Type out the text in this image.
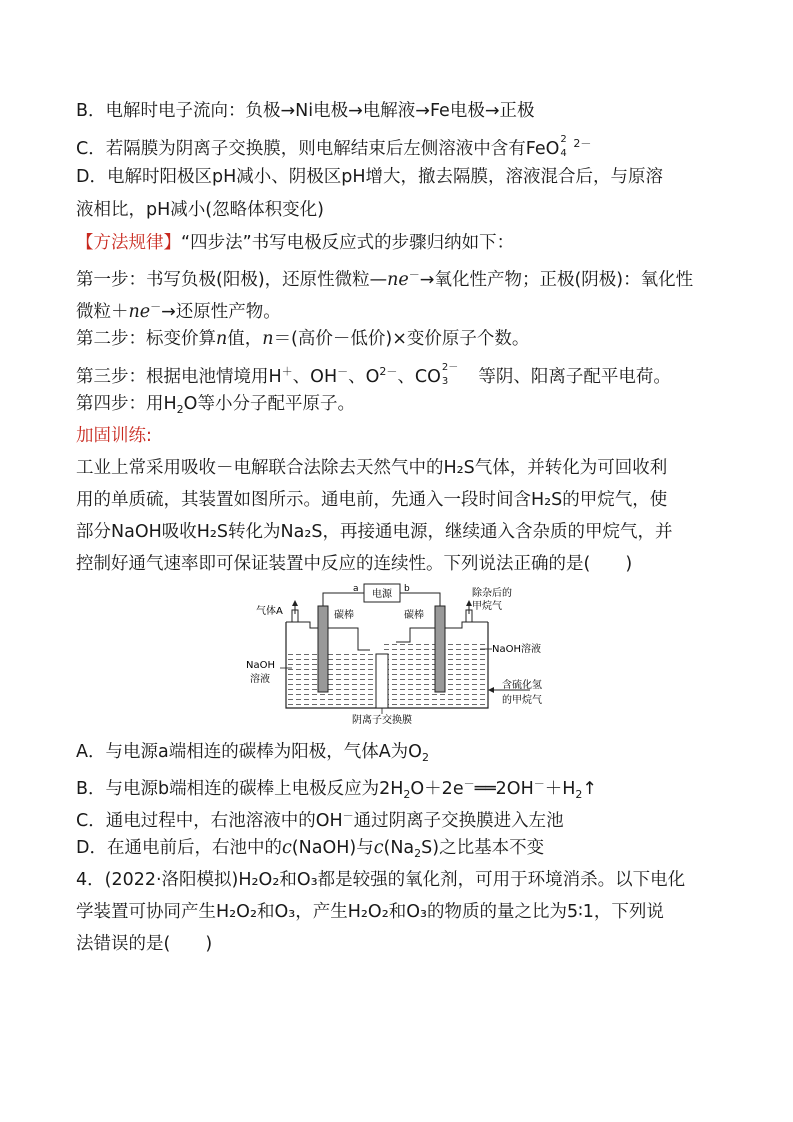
B．电解时电子流向：负极→Ni电极→电解液→Fe电极→正极
C．若隔膜为阴离子交换膜，则电解结束后左侧溶液中含有FeO 2
4
$^{2-}$
D．电解时阳极区pH减小、阴极区pH增大，撤去隔膜，溶液混合后，与原溶
液相比，pH减小(忽略体积变化)
【方法规律】“四步法”书写电极反应式的步骤归纳如下：
第一步：书写负极(阳极)，还原性微粒—ne－→氧化性产物；正极(阴极)：氧化性
微粒＋ne－→还原性产物。
第二步：标变价算n值，n＝(高价－低价)×变价原子个数。
第三步：根据电池情境用H＋、OH－、$O^{2-}$、CO 2－
3 　等阴、阳离子配平电荷。
第四步：用$H_2O$等小分子配平原子。
加固训练:
工业上常采用吸收－电解联合法除去天然气中的H₂S气体，并转化为可回收利
用的单质硫，其装置如图所示。通电前，先通入一段时间含H₂S的甲烷气，使
部分NaOH吸收H₂S转化为Na₂S，再接通电源，继续通入含杂质的甲烷气，并
控制好通气速率即可保证装置中反应的连续性。下列说法正确的是(　　)
电源
a	b
阴离子交换膜
碳棒	碳棒
气体A
除杂后的
甲烷气
NaOH
溶液
NaOH溶液
含硫化氢
的甲烷气
A．与电源a端相连的碳棒为阳极，气体A为$O_2$
B．与电源b端相连的碳棒上电极反应为$2H_2O+2e^-══2OH^-+H_2↑$
C．通电过程中，右池溶液中的OH－通过阴离子交换膜进入左池
D．在通电前后，右池中的c(NaOH)与$c(Na_2S)$之比基本不变
4．(2022·洛阳模拟)H₂O₂和O₃都是较强的氧化剂，可用于环境消杀。以下电化
学装置可协同产生H₂O₂和O₃，产生H₂O₂和O₃的物质的量之比为5∶1，下列说
法错误的是(　　)
